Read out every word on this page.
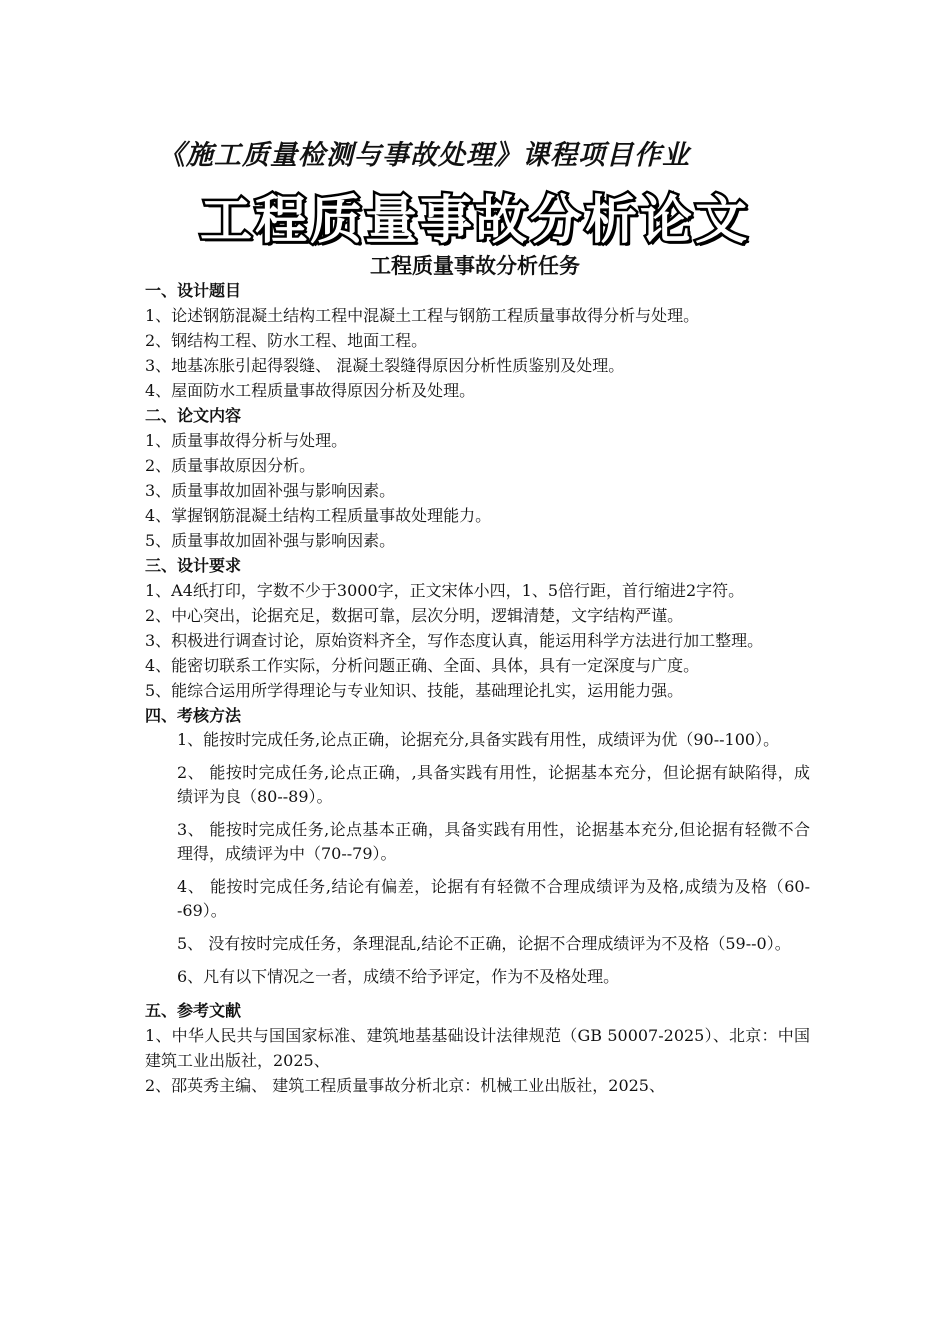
《施工质量检测与事故处理》课程项目作业
工程质量事故分析论文
工程质量事故分析任务

一、设计题目

1、论述钢筋混凝土结构工程中混凝土工程与钢筋工程质量事故得分析与处理。

2、钢结构工程、防水工程、地面工程。

3、地基冻胀引起得裂缝、 混凝土裂缝得原因分析性质鉴别及处理。

4、屋面防水工程质量事故得原因分析及处理。

二、论文内容

1、质量事故得分析与处理。

2、质量事故原因分析。

3、质量事故加固补强与影响因素。

4、掌握钢筋混凝土结构工程质量事故处理能力。

5、质量事故加固补强与影响因素。

三、设计要求

1、A4纸打印，字数不少于3000字，正文宋体小四，1、5倍行距，首行缩进2字符。

2、中心突出，论据充足，数据可靠，层次分明，逻辑清楚，文字结构严谨。

3、积极进行调查讨论，原始资料齐全，写作态度认真，能运用科学方法进行加工整理。

4、能密切联系工作实际，分析问题正确、全面、具体，具有一定深度与广度。

5、能综合运用所学得理论与专业知识、技能，基础理论扎实，运用能力强。

四、考核方法

1、能按时完成任务,论点正确，论据充分,具备实践有用性，成绩评为优（90--100）。

2、 能按时完成任务,论点正确，,具备实践有用性，论据基本充分，但论据有缺陷得，成绩评为良（80--89）。

3、 能按时完成任务,论点基本正确，具备实践有用性，论据基本充分,但论据有轻微不合理得，成绩评为中（70--79）。

4、 能按时完成任务,结论有偏差，论据有有轻微不合理成绩评为及格,成绩为及格（60--69）。

5、 没有按时完成任务，条理混乱,结论不正确，论据不合理成绩评为不及格（59--0）。

6、凡有以下情况之一者，成绩不给予评定，作为不及格处理。

五、参考文献

1、中华人民共与国国家标准、建筑地基基础设计法律规范（GB 50007-2025）、北京：中国建筑工业出版社，2025、

2、邵英秀主编、 建筑工程质量事故分析北京：机械工业出版社，2025、
